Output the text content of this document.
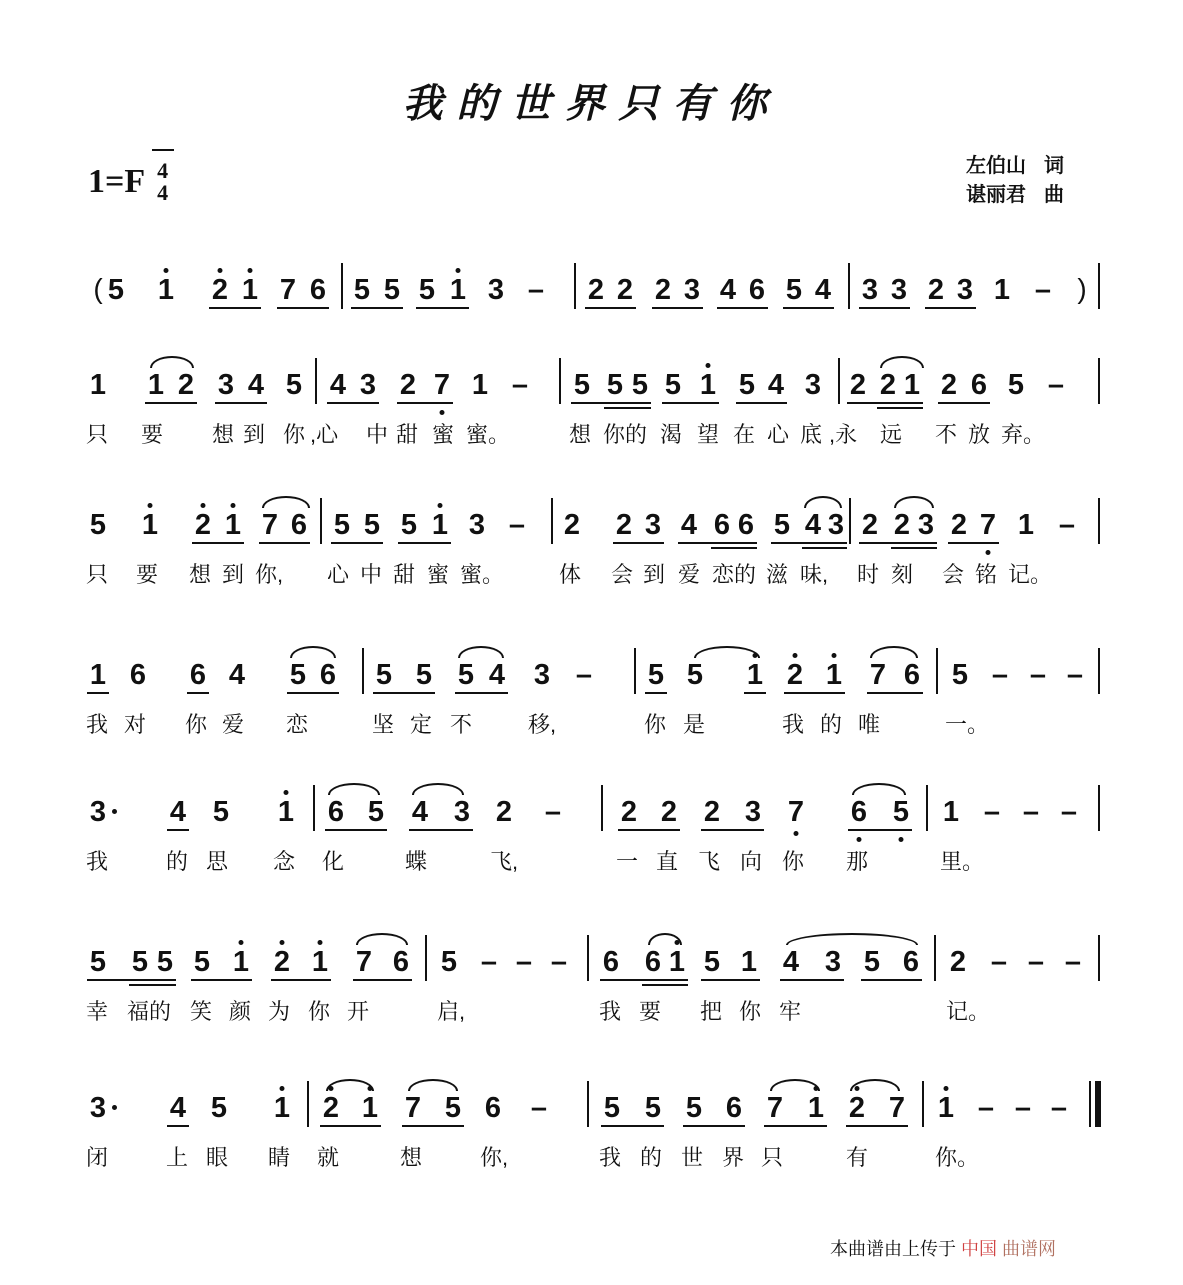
我的世界只有你
$1=F \frac{4}{4}$	左伯山 词
谌丽君 曲
( 5 1 2 1 7 6 5 5 5 1 3 – 2 2 2 3 4 6 5 4 3 3 2 3 1 – )
1 1 2 3 4 5 4 3 2 7 1 – 5 5 5 5 1 5 4 3 2 2 1 2 6 5 –
只 要 想 到 你 ,心 中 甜 蜜 蜜。	想 你的 渴 望 在 心 底 ,永 远 不 放 弃。
5 1 2 1 7 6 5 5 5 1 3 – 2 2 3 4 6 6 5 4 3 2 2 3 2 7 1 –
只 要 想 到 你, 心 中 甜 蜜 蜜。 体 会 到 爱 恋的 滋 味, 时 刻 会 铭 记。
1 6 6 4 5 6 5 5 5 4 3 – 5 5 1 2 1 7 6 5 – – –
我 对 你 爱 恋	坚 定 不	移,	你 是	我 的 唯	一。
3 4 5 1 6 5 4 3 2 – 2 2 2 3 7 6 5 1 – – –
我	的 思 念 化	蝶	飞,	一 直 飞 向 你 那	里。
5 5 5 5 1 2 1 7 6 5 – – – 6 6 1 5 1 4 3 5 6 2 – – –
幸 福的 笑 颜 为 你 开	启,	我 要 把 你 牢	记。
3 4 5 1 2 1 7 5 6 – 5 5 5 6 7 1 2 7 1 – – –
闭	上 眼 睛 就	想	你,	我 的 世 界 只	有	你。
本曲谱由上传于 中国 曲谱网
